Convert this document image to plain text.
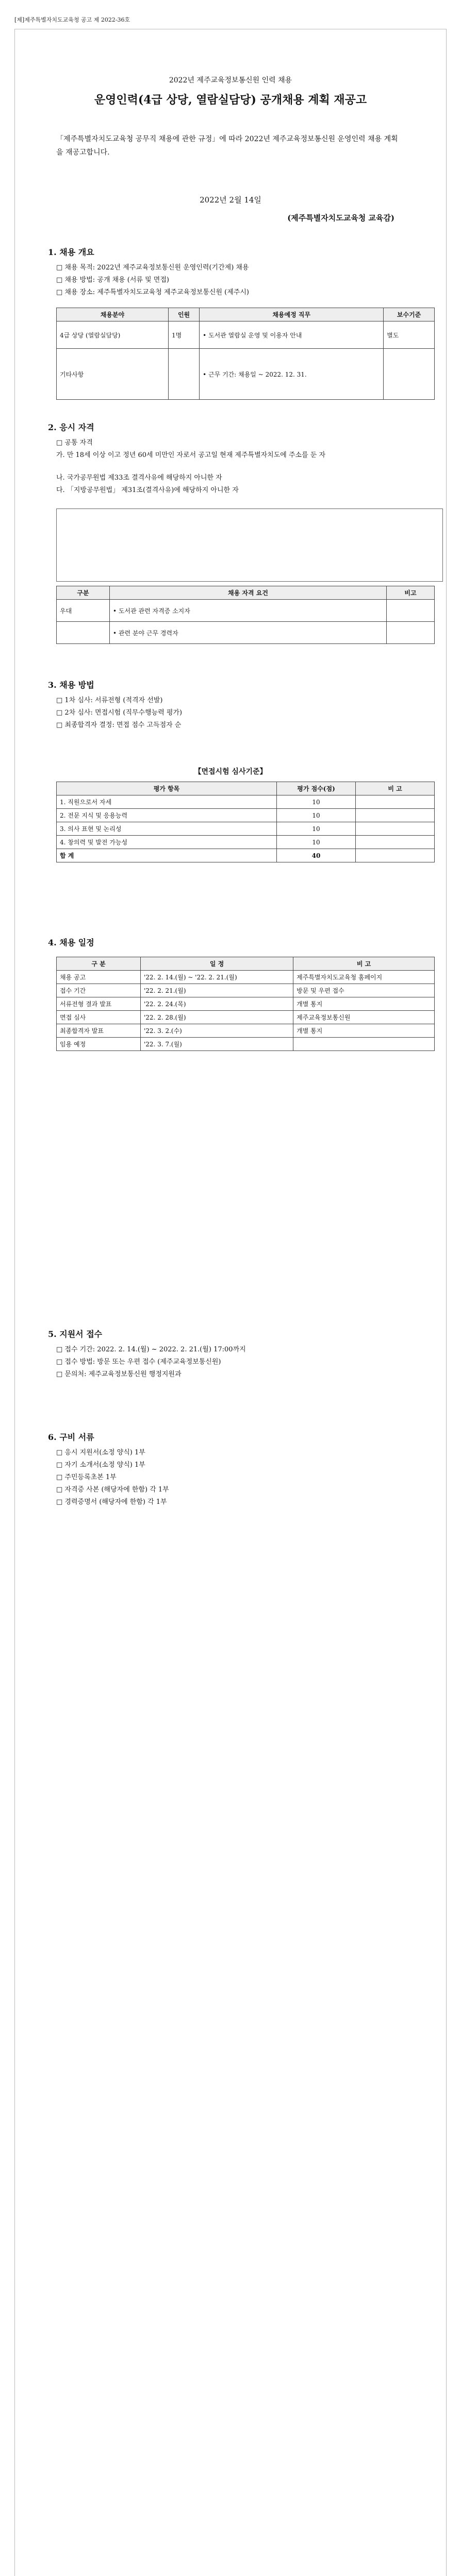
[제]제주특별자치도교육청 공고 제 2022-36호
2022년 제주교육정보통신원 인력 채용
운영인력(4급 상당, 열람실담당) 공개채용 계획 재공고
「제주특별자치도교육청 공무직 채용에 관한 규정」에 따라 2022년 제주교육정보통신원 운영인력 채용 계획을 재공고합니다.
2022년 2월 14일
(제주특별자치도교육청 교육감)
1. 채용 개요
□ 채용 목적: 2022년 제주교육정보통신원 운영인력(기간제) 채용
□ 채용 방법: 공개 채용 (서류 및 면접)
□ 채용 장소: 제주특별자치도교육청 제주교육정보통신원 (제주시)
채용분야	인원	채용예정 직무	보수기준
4급 상당 (열람실담당)	1명	• 도서관 열람실 운영 및 이용자 안내	별도
기타사항		• 근무 기간: 채용일 ~ 2022. 12. 31.	
2. 응시 자격
□ 공통 자격
가. 만 18세 이상 이고 정년 60세 미만인 자로서 공고일 현재 제주특별자치도에 주소를 둔 자
나. 국가공무원법 제33조 결격사유에 해당하지 아니한 자
다. 「지방공무원법」 제31조(결격사유)에 해당하지 아니한 자
구분	채용 자격 요건	비고
우대	• 도서관 관련 자격증 소지자	
	• 관련 분야 근무 경력자	
3. 채용 방법
□ 1차 심사: 서류전형 (적격자 선발)
□ 2차 심사: 면접시험 (직무수행능력 평가)
□ 최종합격자 결정: 면접 점수 고득점자 순
【면접시험 심사기준】
평가 항목	평가 점수(점)	비 고
1. 직원으로서 자세	10	
2. 전문 지식 및 응용능력	10	
3. 의사 표현 및 논리성	10	
4. 창의력 및 발전 가능성	10	
합 계	40	
4. 채용 일정
구 분	일 정	비 고
채용 공고	'22. 2. 14.(월) ~ '22. 2. 21.(월)	제주특별자치도교육청 홈페이지
접수 기간	'22. 2. 21.(월)	방문 및 우편 접수
서류전형 결과 발표	'22. 2. 24.(목)	개별 통지
면접 심사	'22. 2. 28.(월)	제주교육정보통신원
최종합격자 발표	'22. 3. 2.(수)	개별 통지
임용 예정	'22. 3. 7.(월)	
5. 지원서 접수
□ 접수 기간: 2022. 2. 14.(월) ~ 2022. 2. 21.(월) 17:00까지
□ 접수 방법: 방문 또는 우편 접수 (제주교육정보통신원)
□ 문의처: 제주교육정보통신원 행정지원과
6. 구비 서류
□ 응시 지원서(소정 양식) 1부
□ 자기 소개서(소정 양식) 1부
□ 주민등록초본 1부
□ 자격증 사본 (해당자에 한함) 각 1부
□ 경력증명서 (해당자에 한함) 각 1부
